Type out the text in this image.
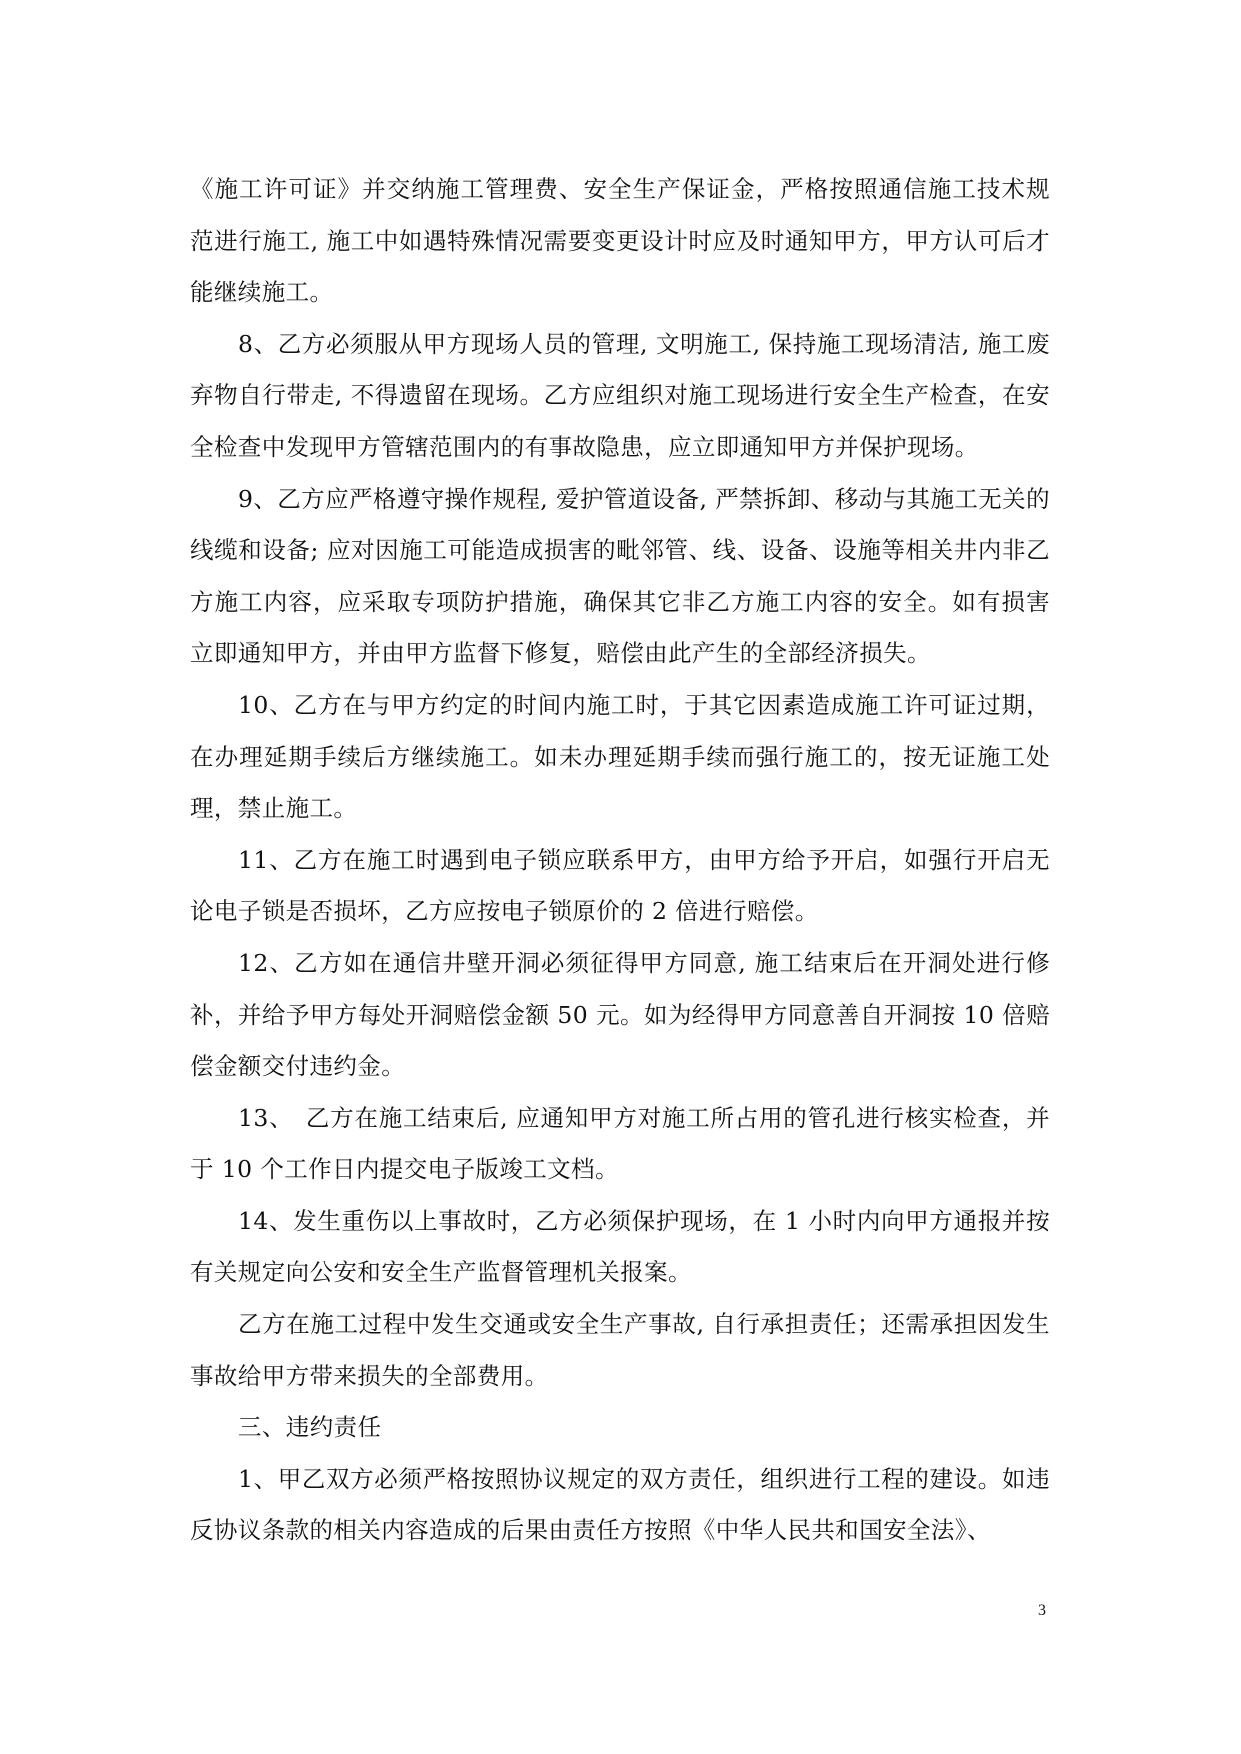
《施工许可证》并交纳施工管理费、安全生产保证金，严格按照通信施工技术规范进行施工, 施工中如遇特殊情况需要变更设计时应及时通知甲方，甲方认可后才能继续施工。

8、乙方必须服从甲方现场人员的管理, 文明施工, 保持施工现场清洁, 施工废弃物自行带走, 不得遗留在现场。乙方应组织对施工现场进行安全生产检查，在安全检查中发现甲方管辖范围内的有事故隐患，应立即通知甲方并保护现场。

9、乙方应严格遵守操作规程, 爱护管道设备, 严禁拆卸、移动与其施工无关的线缆和设备; 应对因施工可能造成损害的毗邻管、线、设备、设施等相关井内非乙方施工内容，应采取专项防护措施，确保其它非乙方施工内容的安全。如有损害立即通知甲方，并由甲方监督下修复，赔偿由此产生的全部经济损失。

10、乙方在与甲方约定的时间内施工时，于其它因素造成施工许可证过期，在办理延期手续后方继续施工。如未办理延期手续而强行施工的，按无证施工处理，禁止施工。

11、乙方在施工时遇到电子锁应联系甲方，由甲方给予开启，如强行开启无论电子锁是否损坏，乙方应按电子锁原价的 2 倍进行赔偿。

12、乙方如在通信井壁开洞必须征得甲方同意, 施工结束后在开洞处进行修补，并给予甲方每处开洞赔偿金额 50 元。如为经得甲方同意善自开洞按 10 倍赔偿金额交付违约金。

13、　乙方在施工结束后, 应通知甲方对施工所占用的管孔进行核实检查，并于 10 个工作日内提交电子版竣工文档。

14、发生重伤以上事故时，乙方必须保护现场，在 1 小时内向甲方通报并按有关规定向公安和安全生产监督管理机关报案。

乙方在施工过程中发生交通或安全生产事故, 自行承担责任；还需承担因发生事故给甲方带来损失的全部费用。

三、违约责任

1、甲乙双方必须严格按照协议规定的双方责任，组织进行工程的建设。如违反协议条款的相关内容造成的后果由责任方按照《中华人民共和国安全法》、

3
